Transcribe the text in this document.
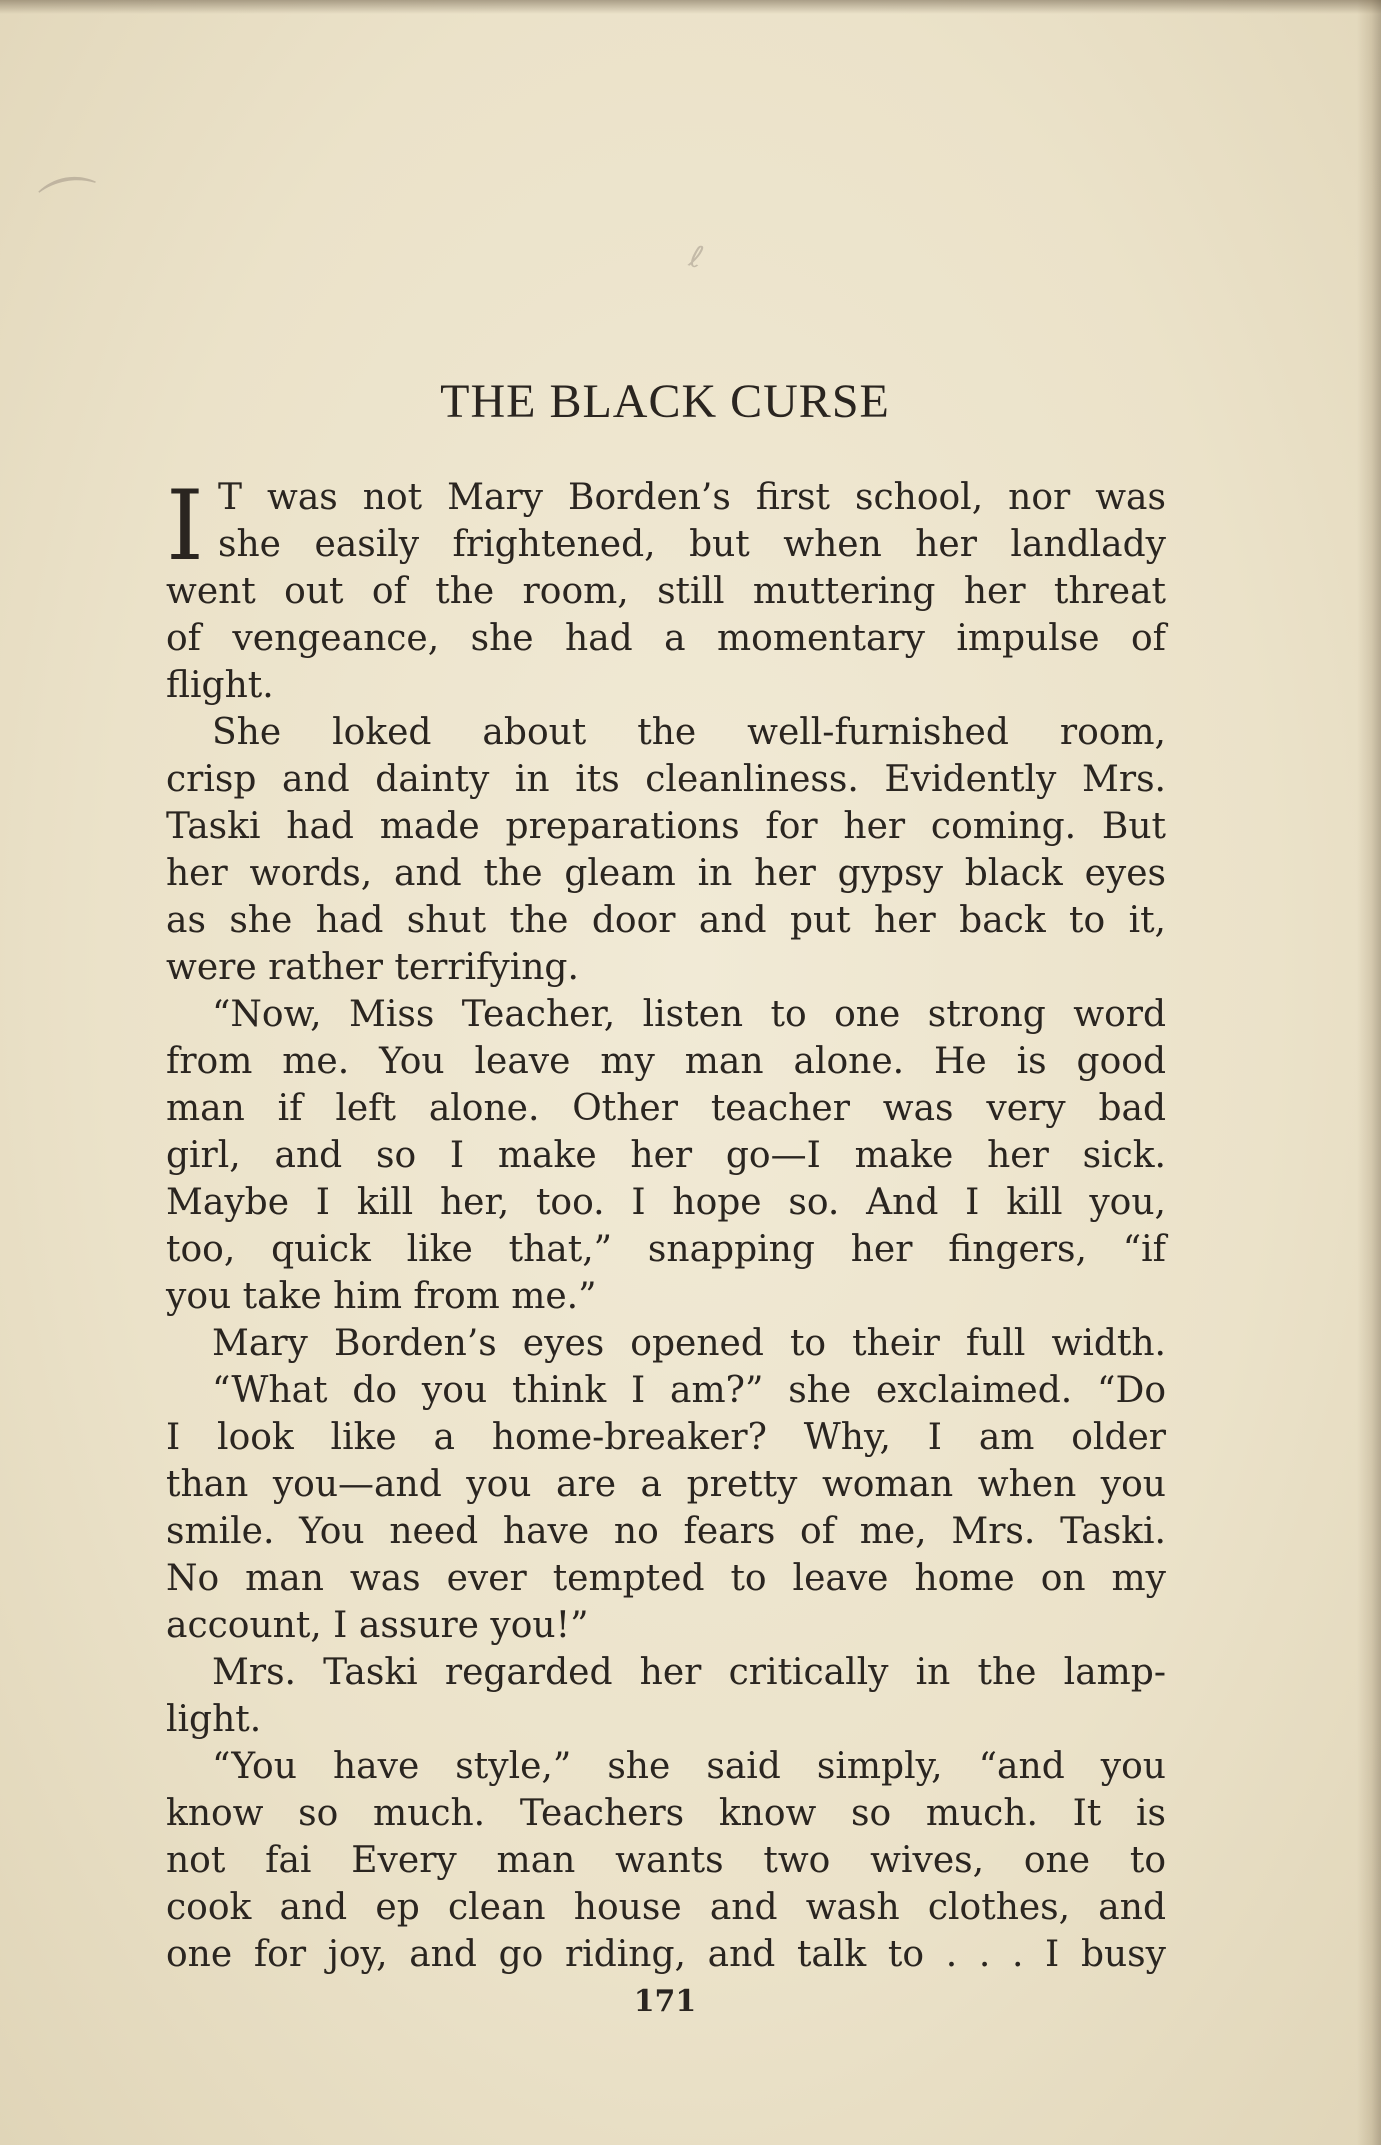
⌒
ℓ
THE BLACK CURSE
I T was not Mary Borden’s first school, nor was
she easily frightened, but when her landlady
went out of the room, still muttering her threat
of vengeance, she had a momentary impulse of
flight.
She loked about the well-furnished room,
crisp and dainty in its cleanliness. Evidently Mrs.
Taski had made preparations for her coming. But
her words, and the gleam in her gypsy black eyes
as she had shut the door and put her back to it,
were rather terrifying.
“Now, Miss Teacher, listen to one strong word
from me. You leave my man alone. He is good
man if left alone. Other teacher was very bad
girl, and so I make her go—I make her sick.
Maybe I kill her, too. I hope so. And I kill you,
too, quick like that,” snapping her fingers, “if
you take him from me.”
Mary Borden’s eyes opened to their full width.
“What do you think I am?” she exclaimed. “Do
I look like a home-breaker? Why, I am older
than you—and you are a pretty woman when you
smile. You need have no fears of me, Mrs. Taski.
No man was ever tempted to leave home on my
account, I assure you!”
Mrs. Taski regarded her critically in the lamp-
light.
“You have style,” she said simply, “and you
know so much. Teachers know so much. It is
not fai Every man wants two wives, one to
cook and ep clean house and wash clothes, and
one for joy, and go riding, and talk to . . . I busy
171
